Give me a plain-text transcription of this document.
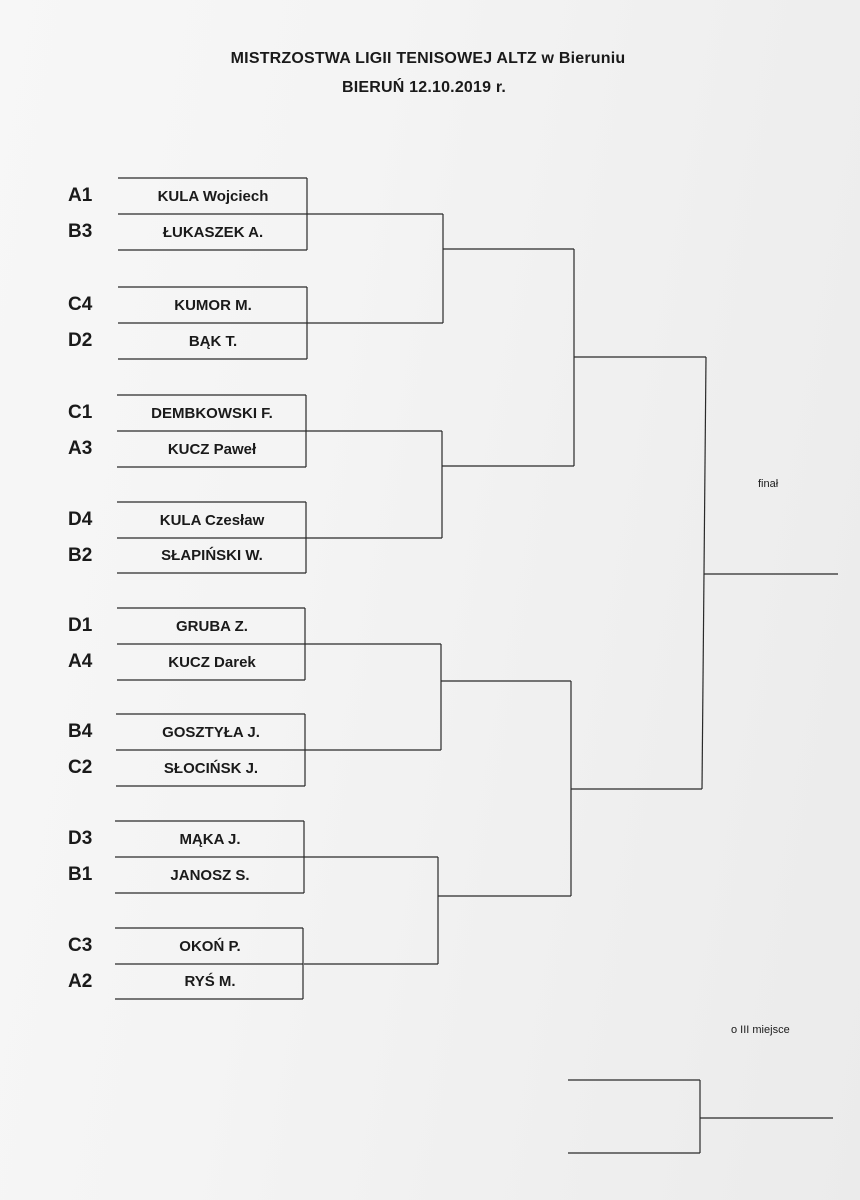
MISTRZOSTWA LIGII TENISOWEJ ALTZ w Bieruniu
BIERUŃ 12.10.2019 r.
A1	KULA Wojciech
B3	ŁUKASZEK A.
C4	KUMOR M.
D2	BĄK T.
C1	DEMBKOWSKI F.
A3	KUCZ Paweł
D4	KULA Czesław
B2	SŁAPIŃSKI W.
D1	GRUBA Z.
A4	KUCZ Darek
B4	GOSZTYŁA J.
C2	SŁOCIŃSK J.
D3	MĄKA J.
B1	JANOSZ S.
C3	OKOŃ P.
A2	RYŚ M.
finał
o III miejsce
